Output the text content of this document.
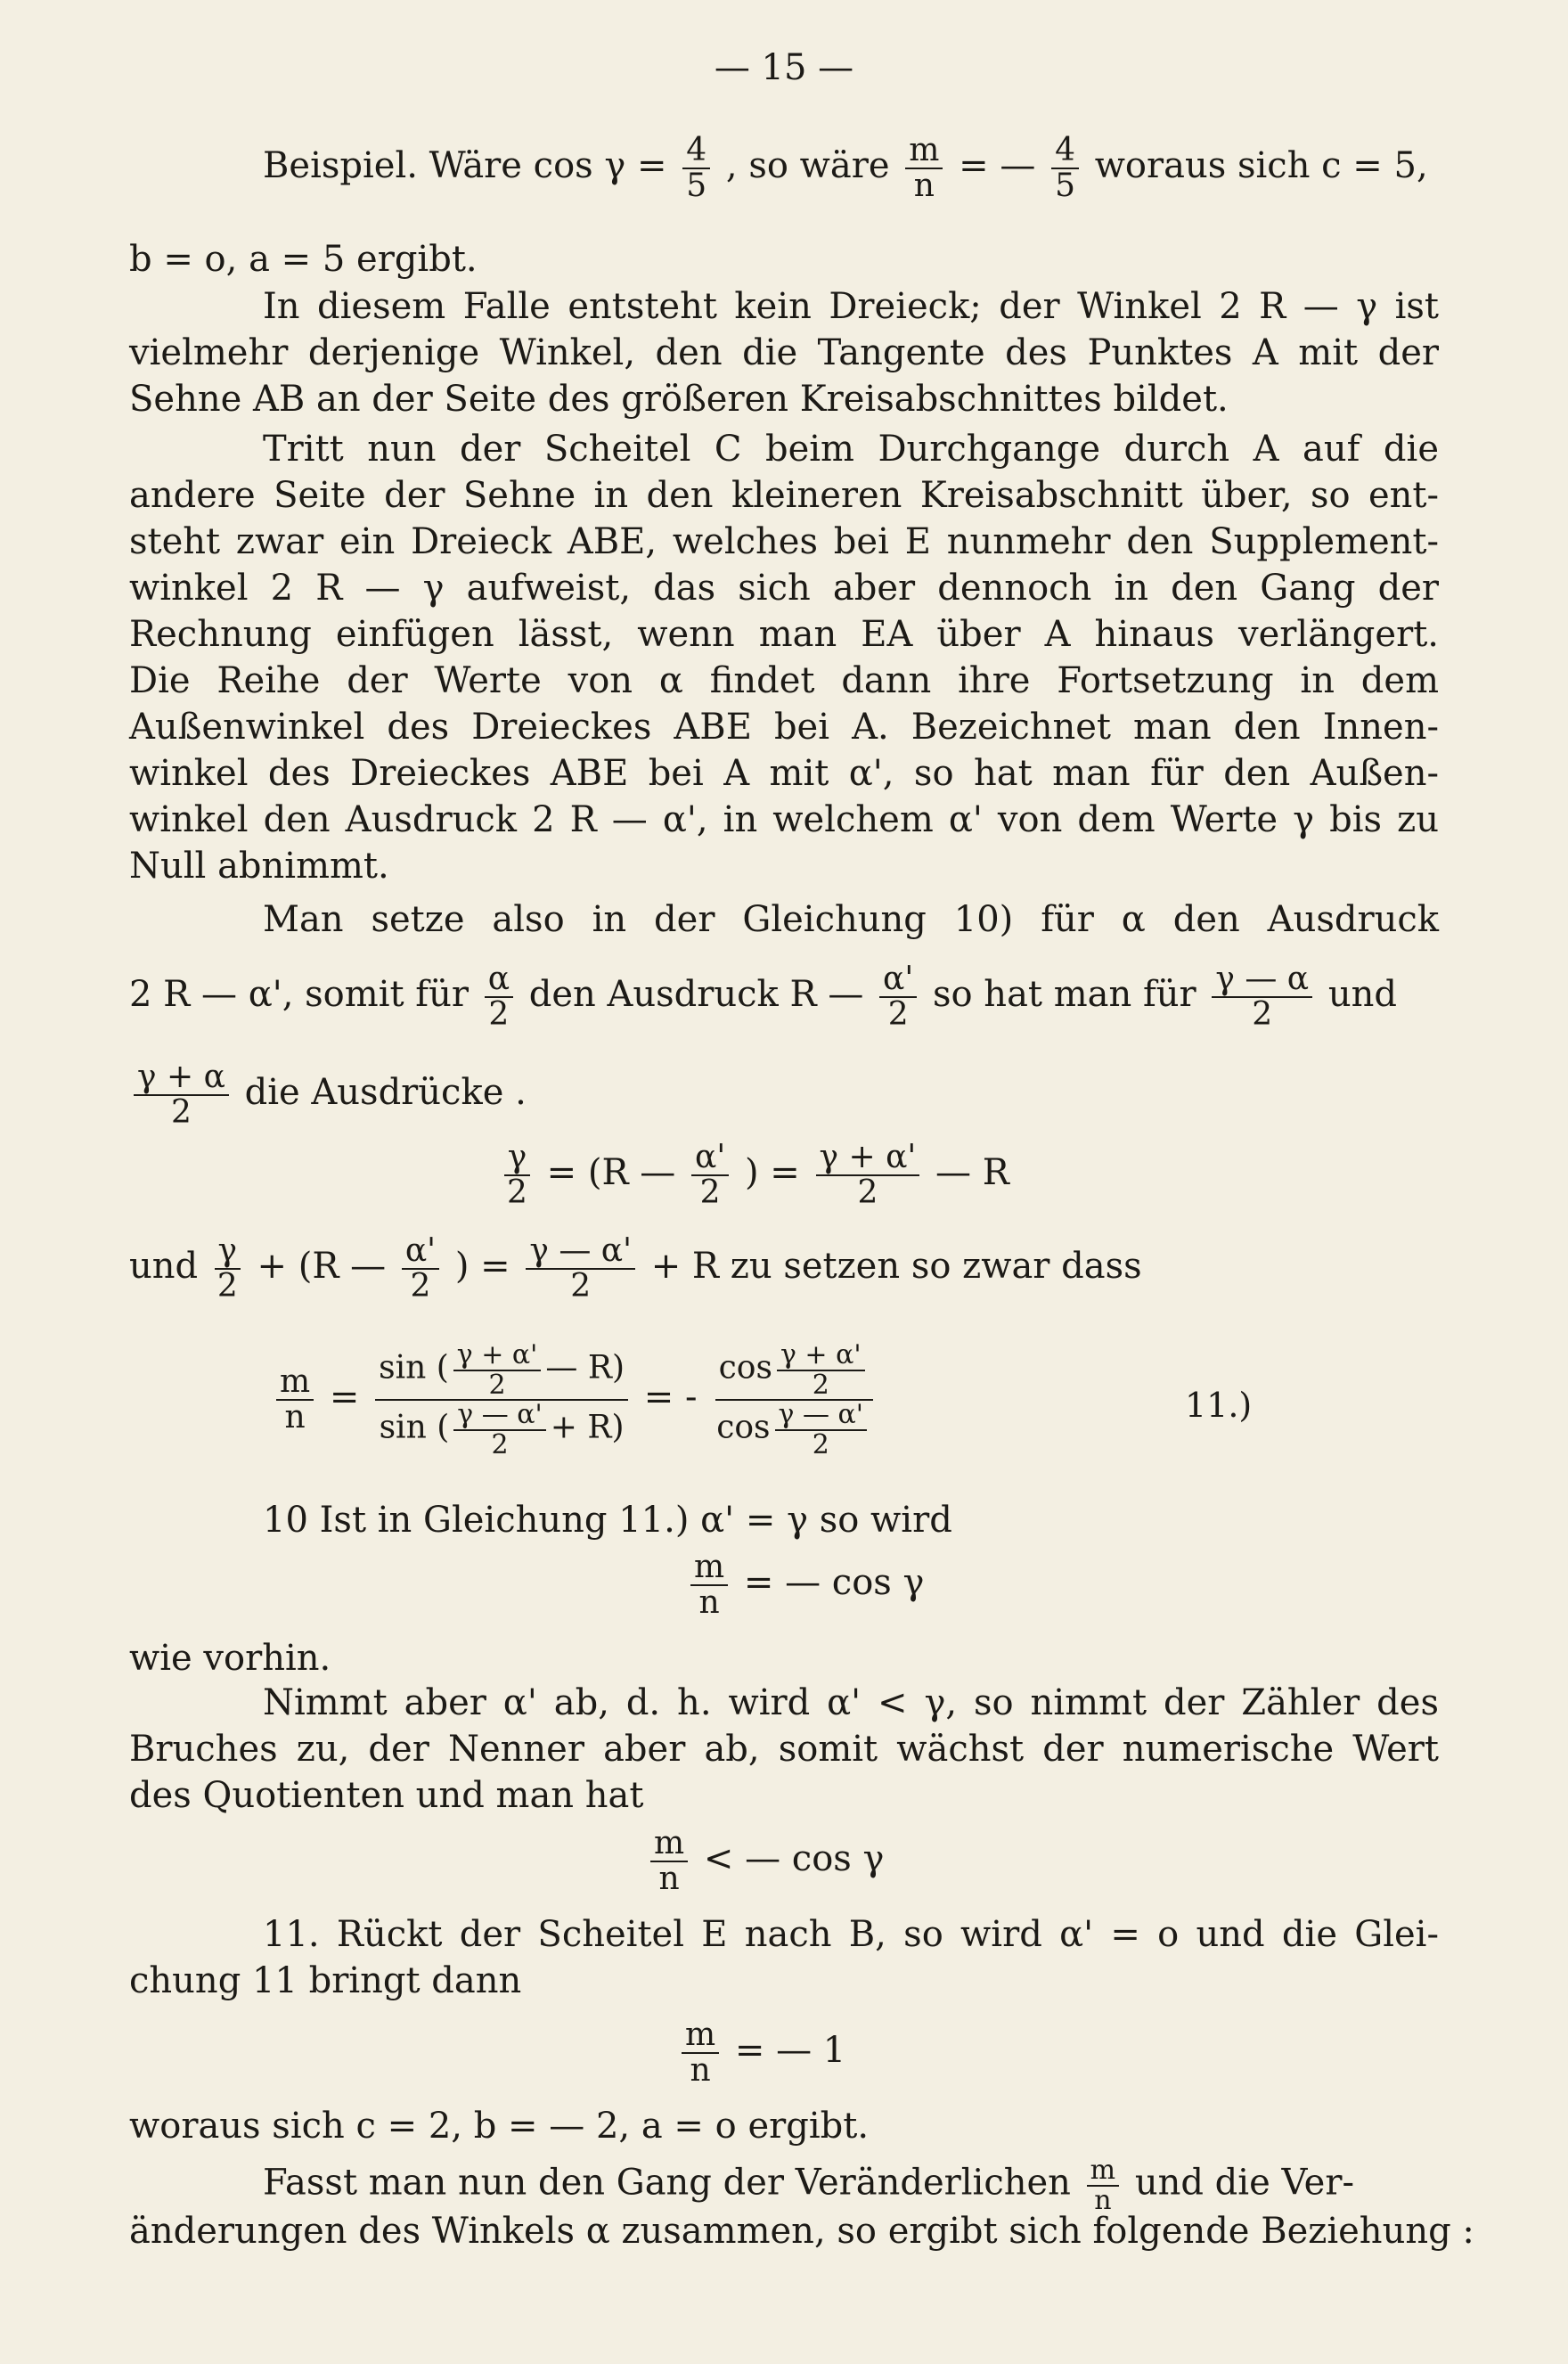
— 15 —
Beispiel. Wäre $\cos \gamma = \frac{4}{5}$ , so wäre $\frac{m}{n}$ = — $\frac{4}{5}$ woraus sich c = 5,
b = o, a = 5 ergibt.
In diesem Falle entsteht kein Dreieck; der Winkel 2 R — γ ist
vielmehr derjenige Winkel, den die Tangente des Punktes A mit der
Sehne AB an der Seite des größeren Kreisabschnittes bildet.
Tritt nun der Scheitel C beim Durchgange durch A auf die
andere Seite der Sehne in den kleineren Kreisabschnitt über, so ent-
steht zwar ein Dreieck ABE, welches bei E nunmehr den Supplement-
winkel 2 R — γ aufweist, das sich aber dennoch in den Gang der
Rechnung einfügen lässt, wenn man EA über A hinaus verlängert.
Die Reihe der Werte von α findet dann ihre Fortsetzung in dem
Außenwinkel des Dreieckes ABE bei A. Bezeichnet man den Innen-
winkel des Dreieckes ABE bei A mit α', so hat man für den Außen-
winkel den Ausdruck 2 R — α', in welchem α' von dem Werte γ bis zu
Null abnimmt.
Man setze also in der Gleichung 10) für α den Ausdruck
2 R — α', somit für $\frac{\alpha}{2}$ den Ausdruck R — $\frac{\alpha'}{2}$ so hat man für $\frac{\gamma — \alpha}{2}$ und
$\frac{\gamma + \alpha}{2}$ die Ausdrücke .
$\frac{\gamma}{2} = (R$ — $\frac{\alpha'}{2}$ ) = $\frac{\gamma + \alpha'}{2}$ — R
und $\frac{\gamma}{2} + (R$ — $\frac{\alpha'}{2}$ ) = $\frac{\gamma — \alpha'}{2} + R$ zu setzen so zwar dass
$\frac{m}{n} = \frac{\sin ( \frac{\gamma + \alpha'}{2} — R)}{\sin ( \frac{\gamma — \alpha'}{2} + R)}$ = - $\frac{\cos \frac{\gamma + \alpha'}{2}}{\cos \frac{\gamma — \alpha'}{2}}$	11.)
10 Ist in Gleichung 11.) α' = γ so wird
$\frac{m}{n}$ = — cos γ
wie vorhin.
Nimmt aber α' ab, d. h. wird α' < γ, so nimmt der Zähler des
Bruches zu, der Nenner aber ab, somit wächst der numerische Wert
des Quotienten und man hat
$\frac{m}{n}$ < — cos γ
11. Rückt der Scheitel E nach B, so wird α' = o und die Glei-
chung 11 bringt dann
$\frac{m}{n}$ = — 1
woraus sich c = 2, b = — 2, a = o ergibt.
Fasst man nun den Gang der Veränderlichen $\frac{m}{n}$ und die Ver-
änderungen des Winkels α zusammen, so ergibt sich folgende Beziehung :
